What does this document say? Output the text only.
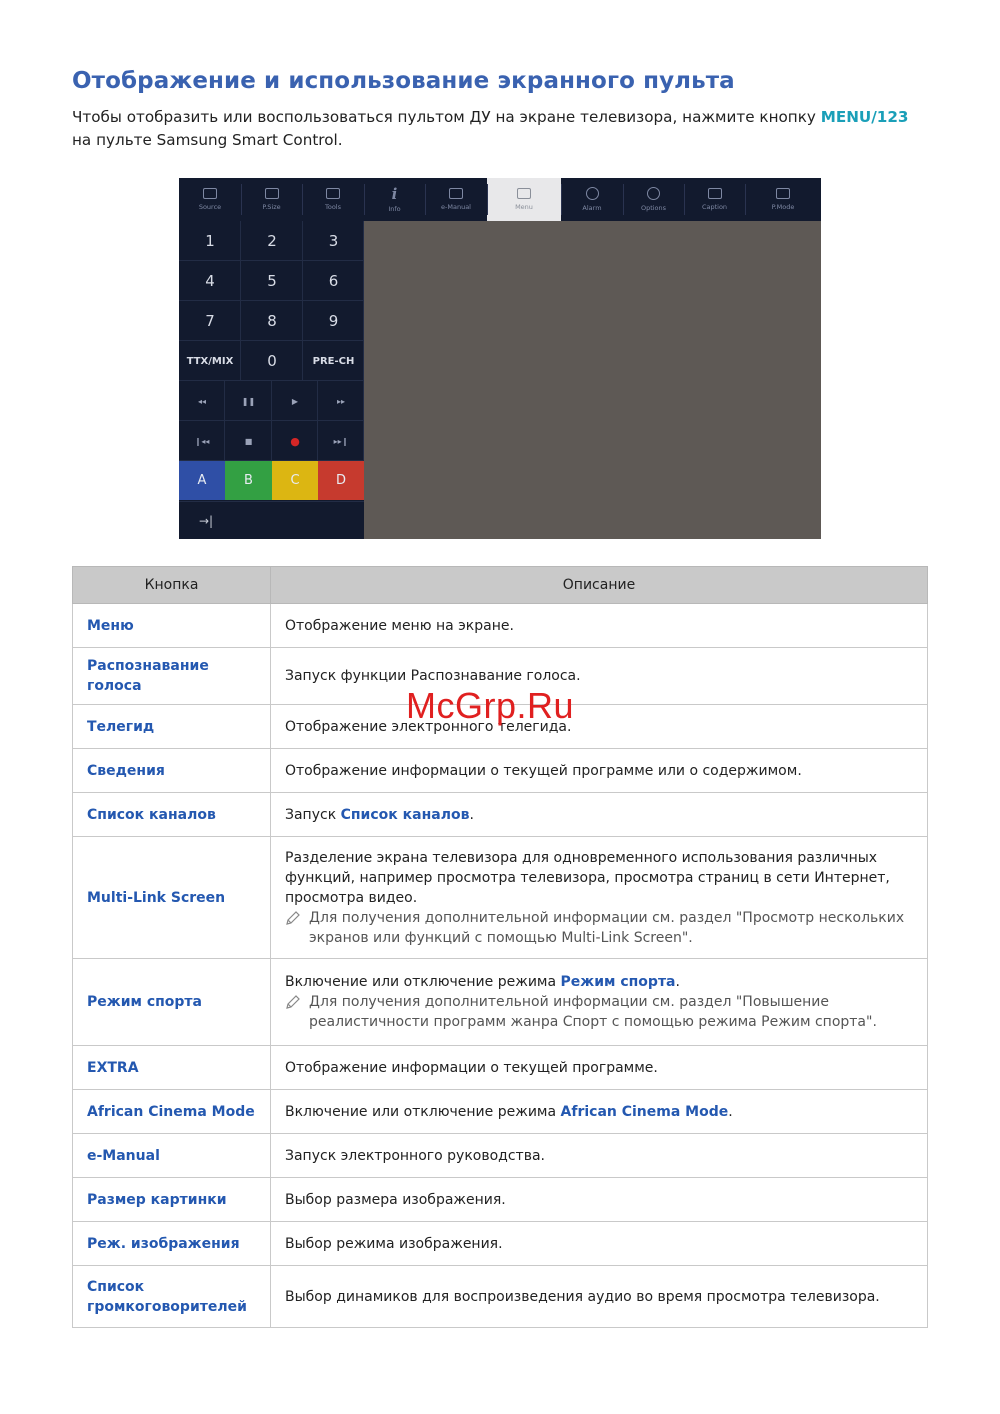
Отображение и использование экранного пульта

Чтобы отобразить или воспользоваться пультом ДУ на экране телевизора, нажмите кнопку MENU/123 на пульте Samsung Smart Control.

Source	P.Size	Tools
i
Info	e-Manual	Menu	Alarm	Options	Caption	P.Mode
1	2	3
4	5	6
7	8	9
TTX/MIX	0	PRE-CH
◂◂	❚❚	▶	▸▸
❙◂◂	■	●	▸▸❙
A	B	C	D
→|
Кнопка	Описание
Меню	Отображение меню на экране.
Распознавание голоса	Запуск функции Распознавание голоса.
Телегид	Отображение электронного телегида.
Сведения	Отображение информации о текущей программе или о содержимом.
Список каналов	Запуск Список каналов.
Multi-Link Screen	Разделение экрана телевизора для одновременного использования различных функций, например просмотра телевизора, просмотра страниц в сети Интернет, просмотра видео.
Для получения дополнительной информации см. раздел "Просмотр нескольких экранов или функций с помощью Multi-Link Screen".

Режим спорта	Включение или отключение режима Режим спорта.
Для получения дополнительной информации см. раздел "Повышение реалистичности программ жанра Спорт с помощью режима Режим спорта".

EXTRA	Отображение информации о текущей программе.
African Cinema Mode	Включение или отключение режима African Cinema Mode.
e-Manual	Запуск электронного руководства.
Размер картинки	Выбор размера изображения.
Реж. изображения	Выбор режима изображения.
Список громкоговорителей	Выбор динамиков для воспроизведения аудио во время просмотра телевизора.
McGrp.Ru
